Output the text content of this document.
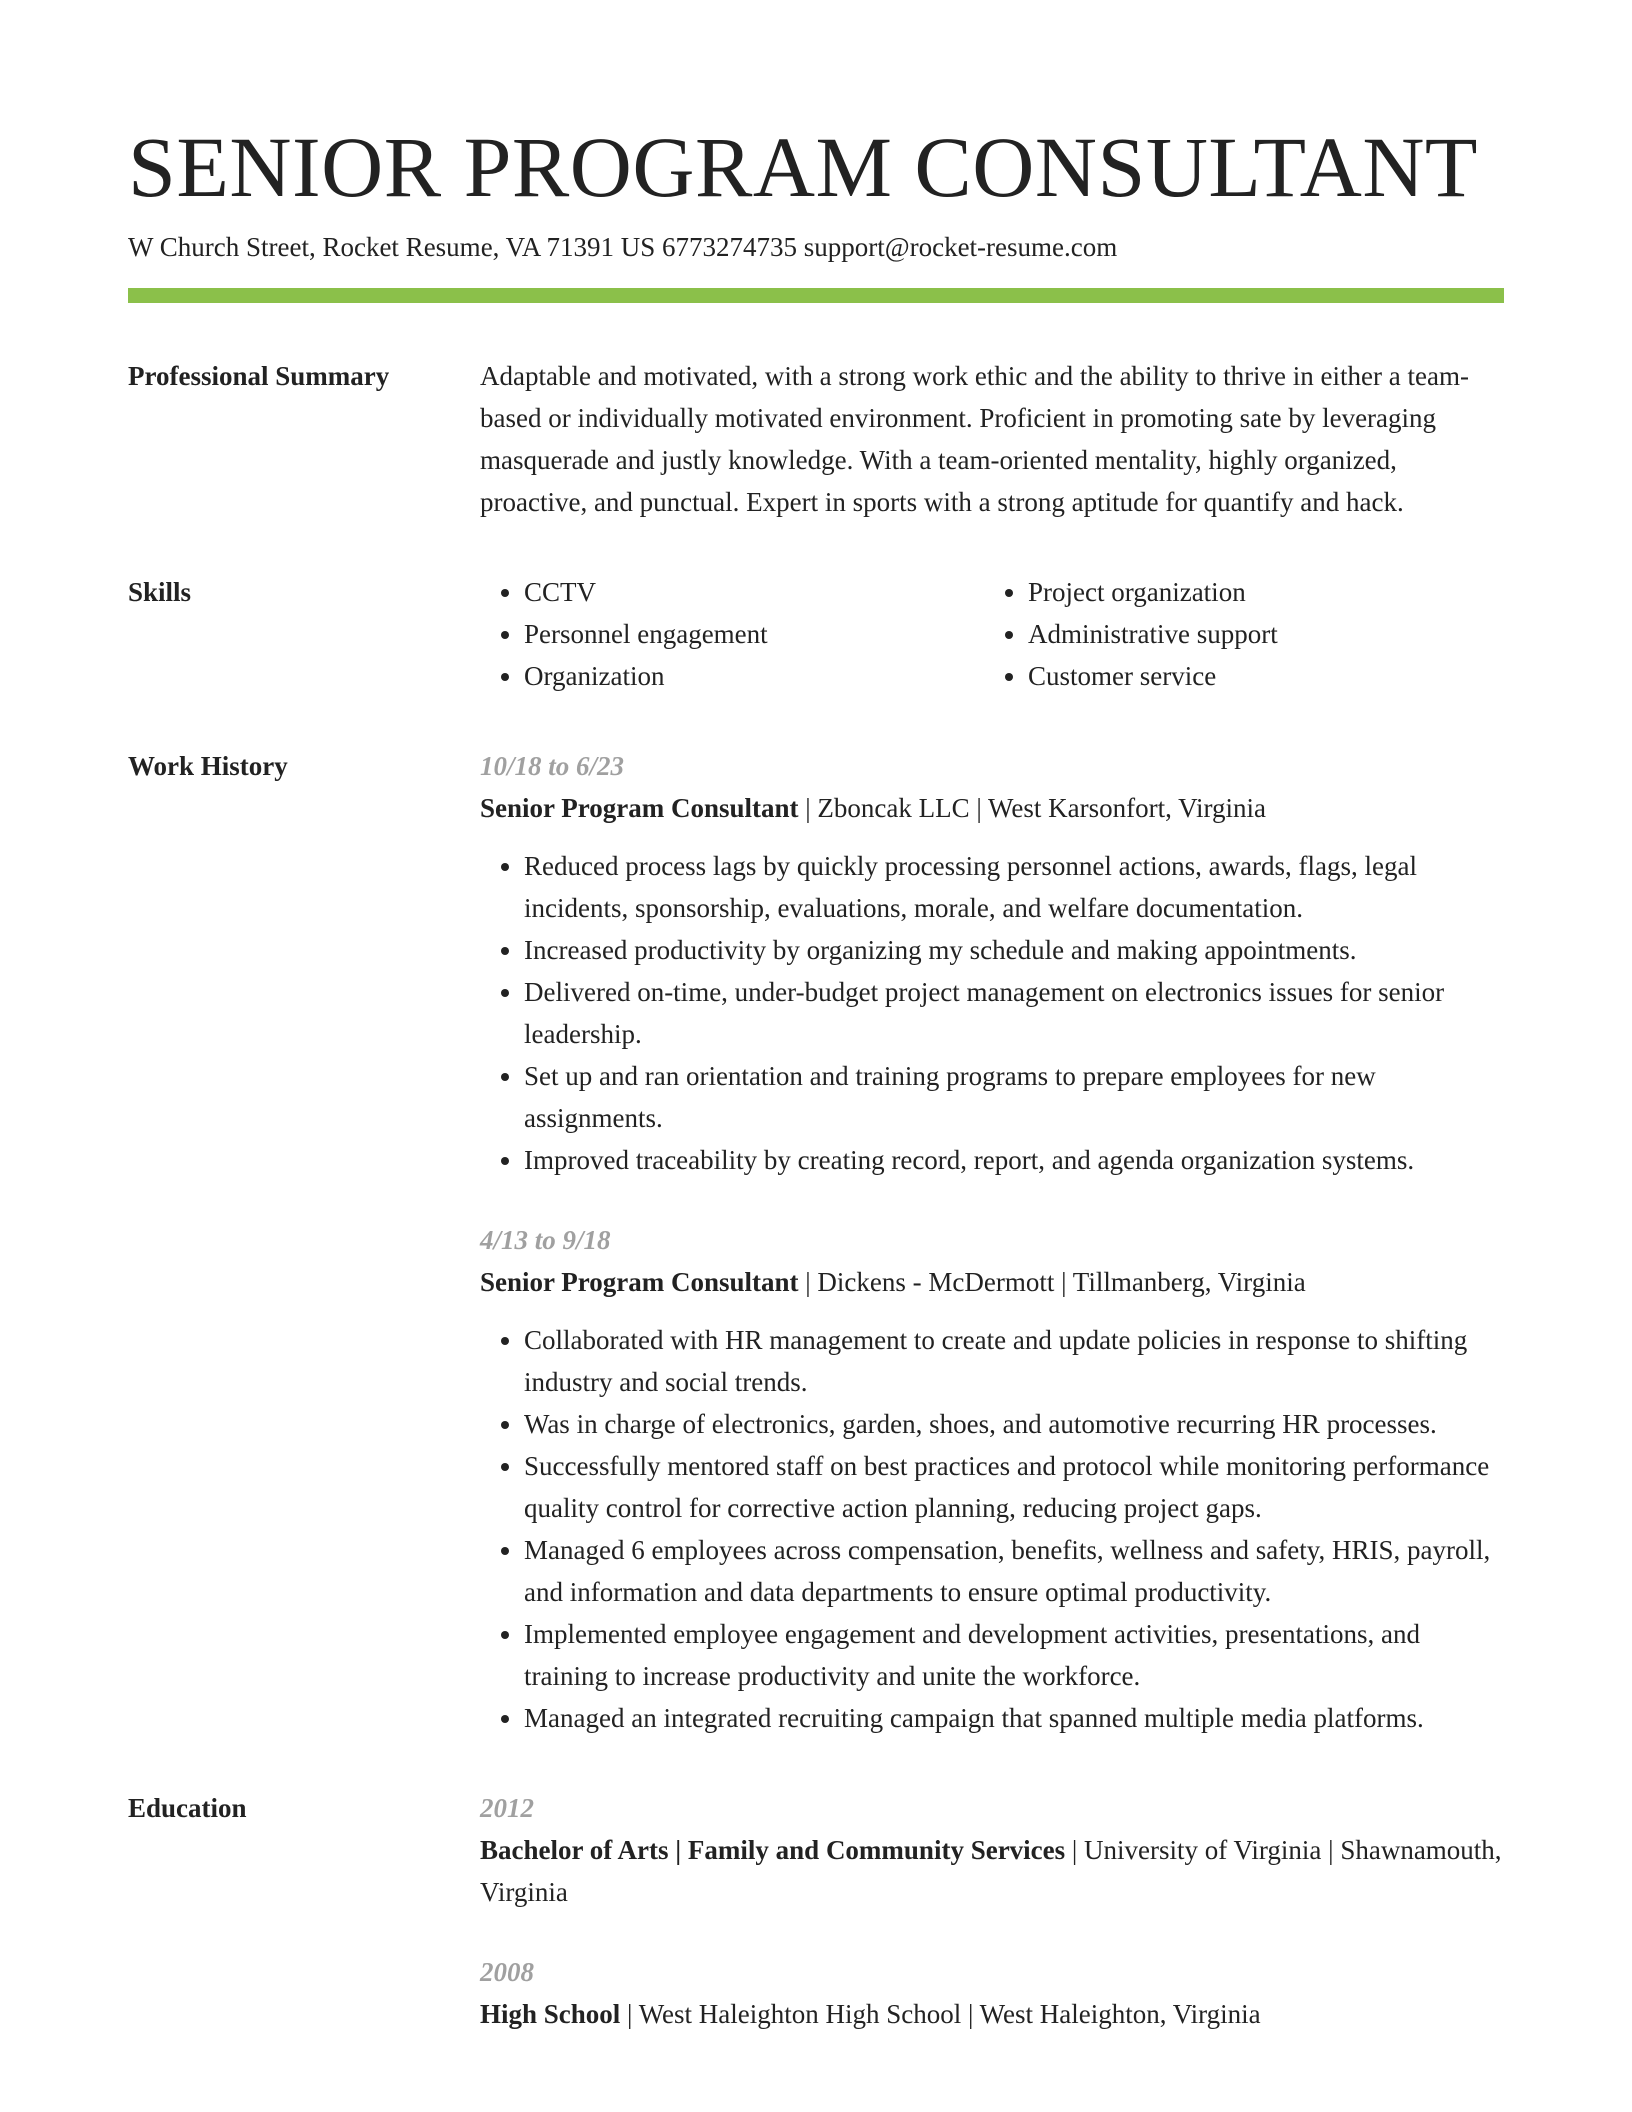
SENIOR PROGRAM CONSULTANT
W Church Street, Rocket Resume, VA 71391 US 6773274735 support@rocket-resume.com
Professional Summary	Adaptable and motivated, with a strong work ethic and the ability to thrive in either a team-based or individually motivated environment. Proficient in promoting sate by leveraging masquerade and justly knowledge. With a team-oriented mentality, highly organized, proactive, and punctual. Expert in sports with a strong aptitude for quantify and hack.

Skills
•	CCTV
• Personnel engagement
• Organization
• Project organization
• Administrative support
• Customer service
Work History	10/18 to 6/23
Senior Program Consultant | Zboncak LLC | West Karsonfort, Virginia
• Reduced process lags by quickly processing personnel actions, awards, flags, legal incidents, sponsorship, evaluations, morale, and welfare documentation.
• Increased productivity by organizing my schedule and making appointments.
• Delivered on-time, under-budget project management on electronics issues for senior leadership.
• Set up and ran orientation and training programs to prepare employees for new assignments.
• Improved traceability by creating record, report, and agenda organization systems.
4/13 to 9/18
Senior Program Consultant | Dickens - McDermott | Tillmanberg, Virginia
• Collaborated with HR management to create and update policies in response to shifting industry and social trends.
• Was in charge of electronics, garden, shoes, and automotive recurring HR processes.
• Successfully mentored staff on best practices and protocol while monitoring performance quality control for corrective action planning, reducing project gaps.
• Managed 6 employees across compensation, benefits, wellness and safety, HRIS, payroll, and information and data departments to ensure optimal productivity.
• Implemented employee engagement and development activities, presentations, and training to increase productivity and unite the workforce.
• Managed an integrated recruiting campaign that spanned multiple media platforms.
Education	2012
Bachelor of Arts | Family and Community Services | University of Virginia | Shawnamouth, Virginia
2008
High School | West Haleighton High School | West Haleighton, Virginia
